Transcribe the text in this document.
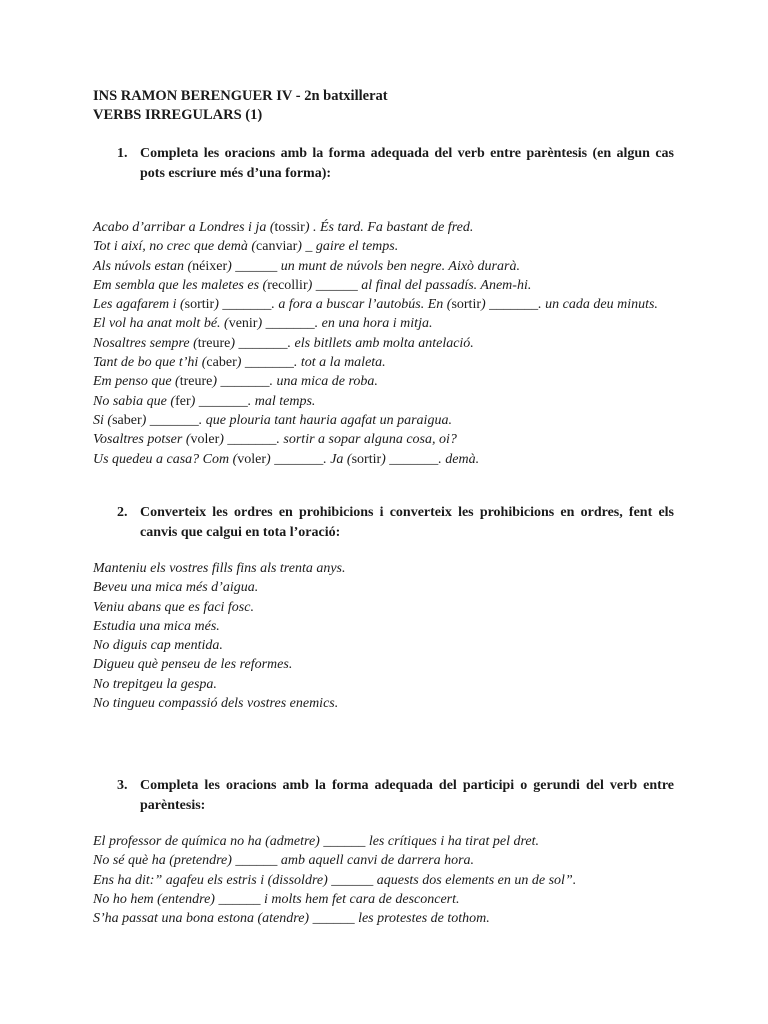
INS RAMON BERENGUER IV - 2n batxillerat
VERBS IRREGULARS (1)
1. Completa les oracions amb la forma adequada del verb entre parèntesis (en algun cas pots escriure més d’una forma):
Acabo d’arribar a Londres i ja (tossir) . És tard. Fa bastant de fred.
Tot i així, no crec que demà (canviar) _ gaire el temps.
Als núvols estan (néixer) ______ un munt de núvols ben negre. Això durarà.
Em sembla que les maletes es (recollir) ______ al final del passadís. Anem-hi.
Les agafarem i (sortir) _______. a fora a buscar l’autobús. En (sortir) _______. un cada deu minuts.
El vol ha anat molt bé. (venir) _______. en una hora i mitja.
Nosaltres sempre (treure) _______. els bitllets amb molta antelació.
Tant de bo que t’hi (caber) _______. tot a la maleta.
Em penso que (treure) _______. una mica de roba.
No sabia que (fer) _______. mal temps.
Si (saber) _______. que plouria tant hauria agafat un paraigua.
Vosaltres potser (voler) _______. sortir a sopar alguna cosa, oi?
Us quedeu a casa? Com (voler) _______. Ja (sortir) _______. demà.
2. Converteix les ordres en prohibicions i converteix les prohibicions en ordres, fent els canvis que calgui en tota l’oració:
Manteniu els vostres fills fins als trenta anys.
Beveu una mica més d’aigua.
Veniu abans que es faci fosc.
Estudia una mica més.
No diguis cap mentida.
Digueu què penseu de les reformes.
No trepitgeu la gespa.
No tingueu compassió dels vostres enemics.
3. Completa les oracions amb la forma adequada del participi o gerundi del verb entre parèntesis:
El professor de química no ha (admetre) ______ les crítiques i ha tirat pel dret.
No sé què ha (pretendre) ______ amb aquell canvi de darrera hora.
Ens ha dit:” agafeu els estris i (dissoldre) ______ aquests dos elements en un de sol”.
No ho hem (entendre) ______ i molts hem fet cara de desconcert.
S’ha passat una bona estona (atendre) ______ les protestes de tothom.
